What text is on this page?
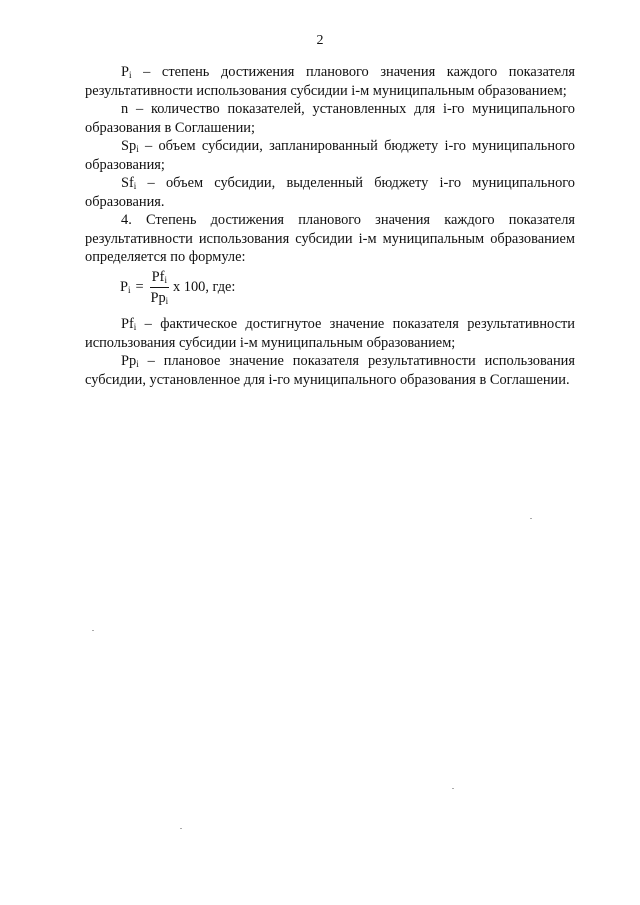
2

$P_i$ – степень достижения планового значения каждого показателя результативности использования субсидии i-м муниципальным образованием;

n – количество показателей, установленных для i-го муниципального образования в Соглашении;

$Sp_i$ – объем субсидии, запланированный бюджету i-го муниципального образования;

$Sf_i$ – объем субсидии, выделенный бюджету i-го муниципального образования.

4. Степень достижения планового значения каждого показателя результативности использования субсидии i-м муниципальным образованием определяется по формуле:

$P_i = \frac{Pf_i}{Pp_i}$ x 100, где:

$Pf_i$ – фактическое достигнутое значение показателя результативности использования субсидии i-м муниципальным образованием;

$Pp_i$ – плановое значение показателя результативности использования субсидии, установленное для i-го муниципального образования в Соглашении.
